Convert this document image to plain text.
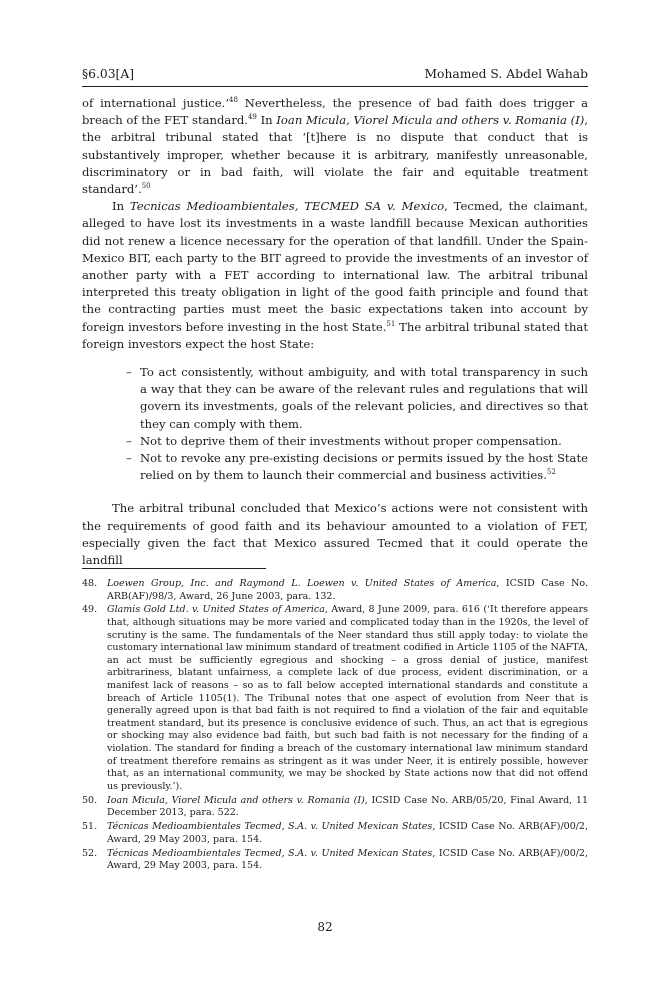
§6.03[A]	Mohamed S. Abdel Wahab

of international justice.’$^{48}$ Nevertheless, the presence of bad faith does trigger a breach of the FET standard.$^{49}$ In Ioan Micula, Viorel Micula and others v. Romania (I), the arbitral tribunal stated that ‘[t]here is no dispute that conduct that is substantively improper, whether because it is arbitrary, manifestly unreasonable, discriminatory or in bad faith, will violate the fair and equitable treatment standard’.$^{50}$

In Tecnicas Medioambientales, TECMED SA v. Mexico, Tecmed, the claimant, alleged to have lost its investments in a waste landfill because Mexican authorities did not renew a licence necessary for the operation of that landfill. Under the Spain-Mexico BIT, each party to the BIT agreed to provide the investments of an investor of another party with a FET according to international law. The arbitral tribunal interpreted this treaty obligation in light of the good faith principle and found that the contracting parties must meet the basic expectations taken into account by foreign investors before investing in the host State.$^{51}$ The arbitral tribunal stated that foreign investors expect the host State:

– To act consistently, without ambiguity, and with total transparency in such a way that they can be aware of the relevant rules and regulations that will govern its investments, goals of the relevant policies, and directives so that they can comply with them.
– Not to deprive them of their investments without proper compensation.
– Not to revoke any pre-existing decisions or permits issued by the host State relied on by them to launch their commercial and business activities.$^{52}$

The arbitral tribunal concluded that Mexico’s actions were not consistent with the requirements of good faith and its behaviour amounted to a violation of FET, especially given the fact that Mexico assured Tecmed that it could operate the landfill

48. Loewen Group, Inc. and Raymond L. Loewen v. United States of America, ICSID Case No. ARB(AF)/98/3, Award, 26 June 2003, para. 132.
49. Glamis Gold Ltd. v. United States of America, Award, 8 June 2009, para. 616 (‘It therefore appears that, although situations may be more varied and complicated today than in the 1920s, the level of scrutiny is the same. The fundamentals of the Neer standard thus still apply today: to violate the customary international law minimum standard of treatment codified in Article 1105 of the NAFTA, an act must be sufficiently egregious and shocking – a gross denial of justice, manifest arbitrariness, blatant unfairness, a complete lack of due process, evident discrimination, or a manifest lack of reasons – so as to fall below accepted international standards and constitute a breach of Article 1105(1). The Tribunal notes that one aspect of evolution from Neer that is generally agreed upon is that bad faith is not required to find a violation of the fair and equitable treatment standard, but its presence is conclusive evidence of such. Thus, an act that is egregious or shocking may also evidence bad faith, but such bad faith is not necessary for the finding of a violation. The standard for finding a breach of the customary international law minimum standard of treatment therefore remains as stringent as it was under Neer, it is entirely possible, however that, as an international community, we may be shocked by State actions now that did not offend us previously.’).
50. Ioan Micula, Viorel Micula and others v. Romania (I), ICSID Case No. ARB/05/20, Final Award, 11 December 2013, para. 522.
51. Técnicas Medioambientales Tecmed, S.A. v. United Mexican States, ICSID Case No. ARB(AF)/00/2, Award, 29 May 2003, para. 154.
52. Técnicas Medioambientales Tecmed, S.A. v. United Mexican States, ICSID Case No. ARB(AF)/00/2, Award, 29 May 2003, para. 154.
82
